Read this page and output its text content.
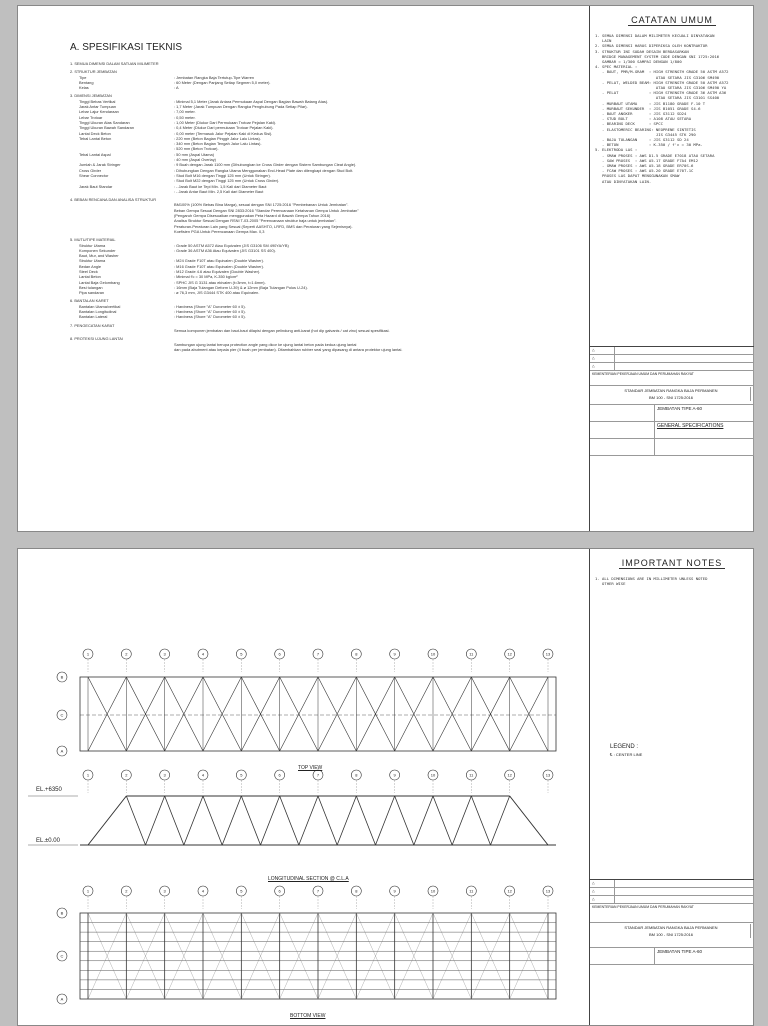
A. SPESIFIKASI TEKNIS
1. SEMUA DIMENSI DALAM SATUAN MILIMETER
2. STRUKTUR JEMBATAN
Tipe	: Jembatan Rangka Baja Tertutup-Tipe Warren
Bentang	: 60 Meter (Dengan Panjang Setiap Segmen 5,0 meter).
Kelas	: A
3. DIMENSI JEMBATAN
Tinggi Bebas Vertikal	: Minimal 5,1 Meter (Jarak Antara Permukaan Aspal Dengan Bagian Bawah Batang Atas).
Jarak Antar Tumpuan	: 1,7 Meter (Jarak Tumpuan Dengan Rangka Penghubung Pada Setiap Pilar).
Lebar Lajur Kendaraan	: 7,00 meter.
Lebar Trotoar	: 0,50 meter.
Tinggi Ukuran Atas Sandaran	: 1,00 Meter (Diukur Dari Permukaan Trotoar Pejalan Kaki).
Tinggi Ukuran Bawah Sandaran	: 0,4 Meter (Diukur Dari permukaan Trotoar Pejalan Kaki).
Lantai Deck Beton	: 0,00 meter (Termasuk Jalur Pejalan Kaki di Kedua Sisi).
Tebal Lantai Beton	: 220 mm (Beton Bagian Pinggir Jalur Lalu Lintas).
: 340 mm (Beton Bagian Tengah Jalur Lalu Lintas).
: 520 mm (Beton Trotoar).
Tebal Lantai Aspal	: 50 mm (Aspal Utama)
: 40 mm (Aspal Overlay)
Jumlah & Jarak Stringer	: 9 Buah dengan Jarak 1100 mm (Dihubungkan ke Cross Girder dengan Sistem Sambungan Cleat Angle).
Cross Girder	: Dihubungkan Dengan Rangka Utama Menggunakan End-Head Plate dan dilengkapi dengan Stud Bolt.
Shear Connector	: Stud Bolt M16 dengan Tinggi 125 mm (Untuk Stringer).
: Stud Bolt M22 dengan Tinggi 125 mm (Untuk Cross Girder).
Jarak Baut Standar	: - Jarak Baut ke Tepi Min. 1,5 Kali dari Diameter Baut
: - Jarak Antar Baut Min. 2,5 Kali dari Diameter Baut
4. BEBAN RENCANA DAN ANALISA STRUKTUR
BM100% (100% Bebas Bina Marga), sesuai dengan SNI 1725:2016 "Pembebanan Untuk Jembatan".
Beban Gempa Sesuai Dengan SNI 2833:2016 "Standar Perencanaan Ketahanan Gempa Untuk Jembatan"
(Pengaruh Gempa Disesuaikan menggunakan Peta Hazard di Bawah Gempa Tahun 2016)
Analisa Struktur Sesuai Dengan RSNI T-03-2005 "Perencanaan struktur baja untuk jembatan".
Peraturan-Peraturan Lain yang Sesuai (Seperti AASHTO, LRFD, BMS dan Peraturan yang Sejenisnya).
Koefisien PGA Untuk Perencanaan Gempa Max. 0,3
5. MUTU/TIPE MATERIAL
Struktur Utama	: Grade 50 ASTM A572 Atau Equivalen (JIS G3106 SM 490YA/YB)
Komponen Sekunder	: Grade 36 ASTM A36 Atau Equivalen (JIS G3101 SS 400).
Baut, Mur, and Washer
Struktur Utama	: M24 Grade F10T atau Equivalen (Double Washer).
Bedan Angle	: M16 Grade F10T atau Equivalen (Double Washer).
Steel Deck	: M12 Grade 4.6 atau Equivalen (Double Washer).
Lantai Beton	: Minimal f'c = 30 MPa, K-350 kg/cm²
Lantai Baja Gelombang	: SPHC JIS G 3131 atau ekivalen (t=3mm, t=1.6mm).
Besi tulangan	: 16mm (Baja Tulangan Deform U-39) & ø 12mm (Baja Tulangan Polos U-24).
Pipa sandaran	: ø 76,3 mm, JIS G3444 STK 400 atau Equivalen.
6. BANTALAN KARET
Bantalan Utama/vertikal	: Hardness (Shore "A" Durometer 60 ± 5).
Bantalan Longitudinal	: Hardness (Shore "A" Durometer 60 ± 5).
Bantalan Lateral	: Hardness (Shore "A" Durometer 60 ± 5).
7. PENGECATAN KARAT
Semua komponen jembatan dan baut-baut dilapisi dengan pelindung anti-karat (hot dip galvanis / cat zinc) sesuai spesifikasi.
8. PROTEKSI UJUNG LANTAI
Sambungan ujung lantai berupa protection angle yang dicor ke ujung lantai beton pada kedua ujung lantai
dan pada abutment atau kepala pier (4 buah per jembatan). Ditambahkan rubber seal yang dipasang di antara protektor ujung lantai.
CATATAN UMUM
1. SEMUA DIMENSI DALAM MILIMETER KECUALI DINYATAKAN
LAIN
2. SEMUA DIMENSI HARUS DIPERIKSA OLEH KONTRAKTOR
3. STRUKTUR INI SUDAH DESAIN BERDASARKAN
BRIDGE MANAGEMENT SYSTEM CODE DENGAN SNI 1725:2016
GAMBAR = 1/300 SAMPAI DENGAN 1/800
4. SPEC MATERIAL :
- BAUT, PMR/M-GRAM  : HIGH STRENGTH GRADE 50 ASTM A572
ATAU SETARA JIS G3106 SM490
- PELAT, WELDED BEAM: HIGH STRENGTH GRADE 50 ASTM A572
ATAU SETARA JIS G3106 SM490 YA
- PELAT             : HIGH STRENGTH GRADE 36 ASTM A36
ATAU SETARA JIS G3101 SS400
- MURBAUT UTAMA     : JIS B1180 GRADE F.10 T
- MURBAUT SEKUNDER  : JIS B1051 GRADE S4.6
- BAUT ANGKER       : JIS G3112 SD24
- STUD BOLT         : A108 ATAU SETARA
- BEARING DECK      : SPCC
- ELASTOMERIC BEARING: NEOPRENE SINTETIS
JIS G3445 STK 290
- BAJA TULANGAN     : JIS G3112 SD 24
- BETON             : K-350 / f'c = 30 MPa.
5. ELEKTRODA LAS :
- SMAW PROSES : AWS D1.5 GRADE E7018 ATAU SETARA
- SAW PROSES  : AWS A5.17 GRADE F7A4 EM12
- GMAW PROSES : AWS A5.18 GRADE ER70S-6
- FCAW PROSES : AWS A5.20 GRADE E70T-1C
PROSES LAS DAPAT MENGGUNAKAN SMAW
ATAU DINYATAKAN LAIN.
△
△
△
KEMENTERIAN PEKERJAAN UMUM DAN PERUMAHAN RAKYAT
STANDAR JEMBATAN RANGKA BAJA PERMANEN
BM 100 - SNI 1725:2016
JEMBATAN TIPE A-60
GENERAL SPECIFICATIONS
1	2	3	4	5	6	7	8	9	10	11	12	13
1	2	3	4	5	6	7	8	9	10	11	12	13
1	2	3	4	5	6	7	8	9	10	11	12	13
B
C
A
B
C
A
TOP VIEW
LONGITUDINAL SECTION @ C.L.A
BOTTOM VIEW
EL.+6350
EL.±0.00
IMPORTANT NOTES
1. ALL DIMENSIONS ARE IN MILLIMETER UNLESS NOTED
OTHER WISE
LEGEND :
℄ : CENTER LINE
△
△
△
KEMENTERIAN PEKERJAAN UMUM DAN PERUMAHAN RAKYAT
STANDAR JEMBATAN RANGKA BAJA PERMANEN
BM 100 - SNI 1725:2016
JEMBATAN TIPE A-60
